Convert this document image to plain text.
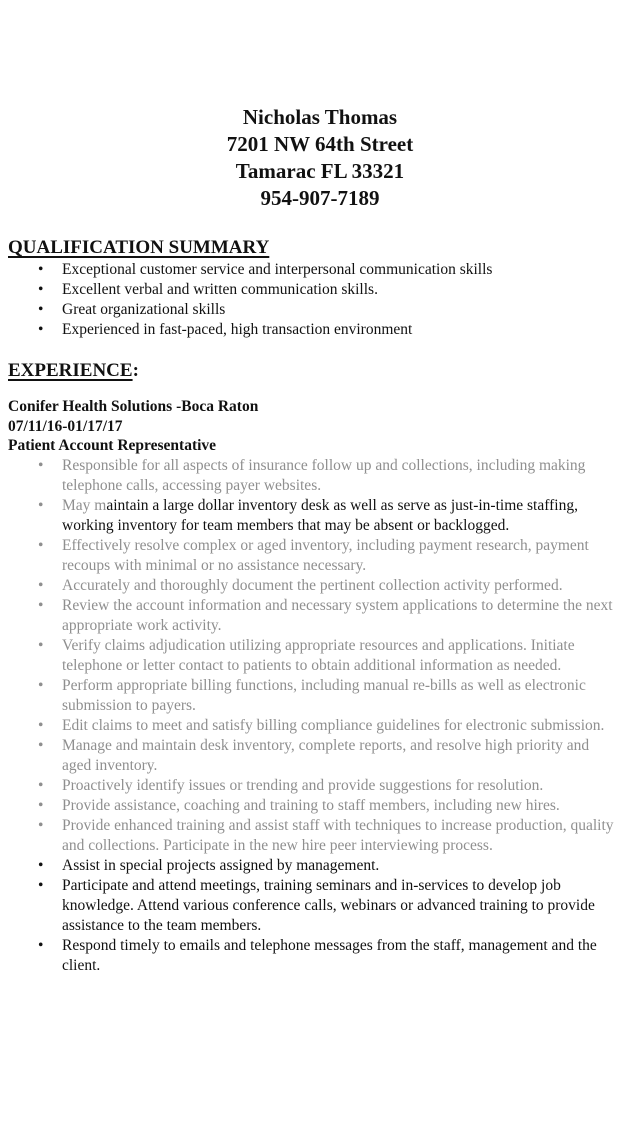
Nicholas Thomas
7201 NW 64th Street
Tamarac FL 33321
954-907-7189
QUALIFICATION SUMMARY
• Exceptional customer service and interpersonal communication skills
• Excellent verbal and written communication skills.
• Great organizational skills
• Experienced in fast-paced, high transaction environment
EXPERIENCE:
Conifer Health Solutions -Boca Raton
07/11/16-01/17/17
Patient Account Representative
• Responsible for all aspects of insurance follow up and collections, including making telephone calls, accessing payer websites.
• May maintain a large dollar inventory desk as well as serve as just-in-time staffing, working inventory for team members that may be absent or backlogged.
• Effectively resolve complex or aged inventory, including payment research, payment recoups with minimal or no assistance necessary.
• Accurately and thoroughly document the pertinent collection activity performed.
• Review the account information and necessary system applications to determine the next appropriate work activity.
• Verify claims adjudication utilizing appropriate resources and applications. Initiate telephone or letter contact to patients to obtain additional information as needed.
• Perform appropriate billing functions, including manual re-bills as well as electronic submission to payers.
• Edit claims to meet and satisfy billing compliance guidelines for electronic submission.
• Manage and maintain desk inventory, complete reports, and resolve high priority and aged inventory.
• Proactively identify issues or trending and provide suggestions for resolution.
• Provide assistance, coaching and training to staff members, including new hires.
• Provide enhanced training and assist staff with techniques to increase production, quality and collections. Participate in the new hire peer interviewing process.
• Assist in special projects assigned by management.
• Participate and attend meetings, training seminars and in-services to develop job knowledge. Attend various conference calls, webinars or advanced training to provide assistance to the team members.
• Respond timely to emails and telephone messages from the staff, management and the client.
